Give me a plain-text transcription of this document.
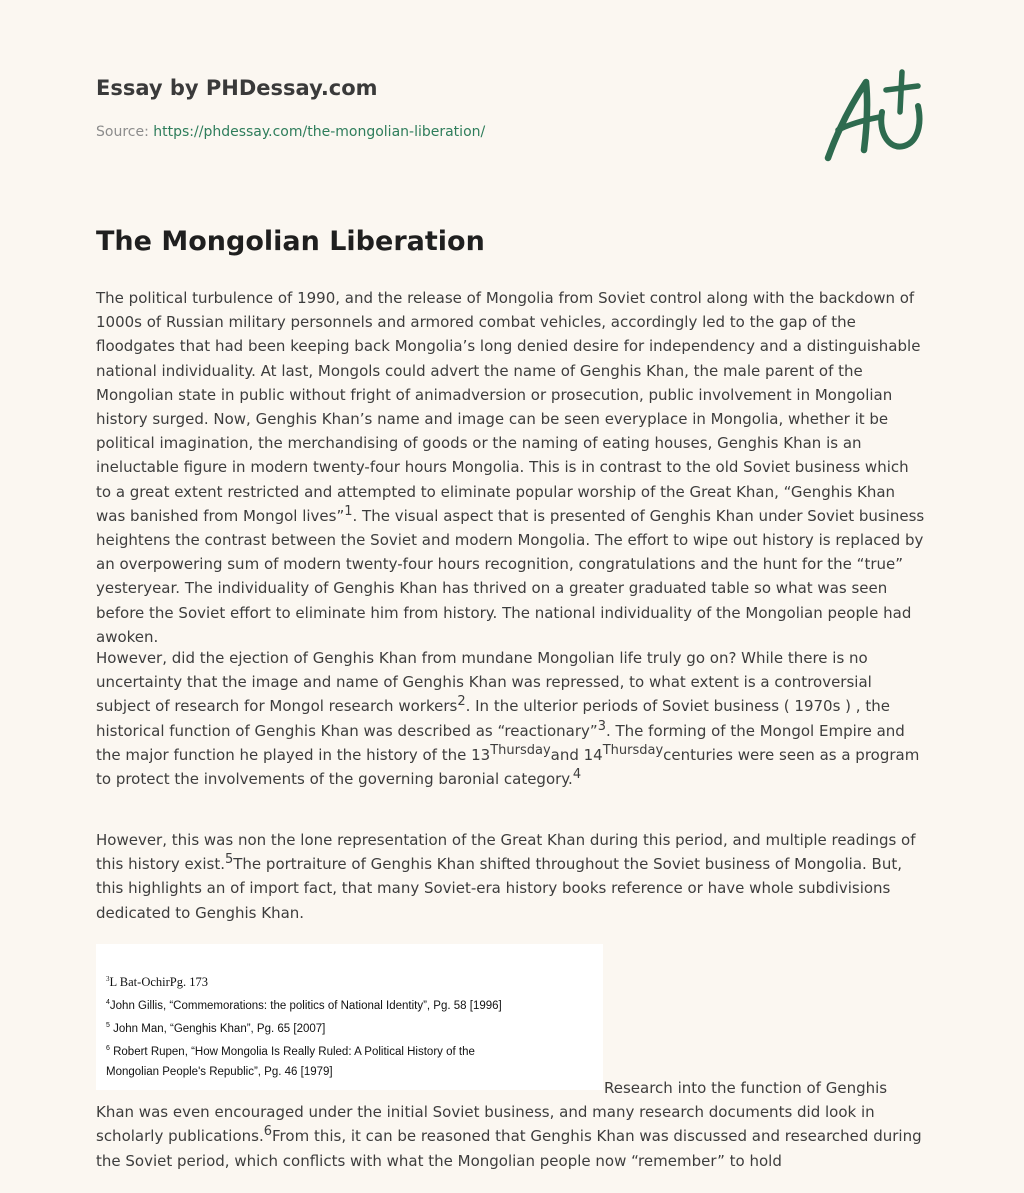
Essay by PHDessay.com
Source: https://phdessay.com/the-mongolian-liberation/
The Mongolian Liberation

The political turbulence of 1990, and the release of Mongolia from Soviet control along with the backdown of 1000s of Russian military personnels and armored combat vehicles, accordingly led to the gap of the floodgates that had been keeping back Mongolia’s long denied desire for independency and a distinguishable national individuality. At last, Mongols could advert the name of Genghis Khan, the male parent of the Mongolian state in public without fright of animadversion or prosecution, public involvement in Mongolian history surged. Now, Genghis Khan’s name and image can be seen everyplace in Mongolia, whether it be political imagination, the merchandising of goods or the naming of eating houses, Genghis Khan is an ineluctable figure in modern twenty-four hours Mongolia. This is in contrast to the old Soviet business which to a great extent restricted and attempted to eliminate popular worship of the Great Khan, “Genghis Khan was banished from Mongol lives”$^1$. The visual aspect that is presented of Genghis Khan under Soviet business heightens the contrast between the Soviet and modern Mongolia. The effort to wipe out history is replaced by an overpowering sum of modern twenty-four hours recognition, congratulations and the hunt for the “true” yesteryear. The individuality of Genghis Khan has thrived on a greater graduated table so what was seen before the Soviet effort to eliminate him from history. The national individuality of the Mongolian people had awoken.

However, did the ejection of Genghis Khan from mundane Mongolian life truly go on? While there is no uncertainty that the image and name of Genghis Khan was repressed, to what extent is a controversial subject of research for Mongol research workers$^2$. In the ulterior periods of Soviet business ( 1970s ) , the historical function of Genghis Khan was described as “reactionary”$^3$. The forming of the Mongol Empire and the major function he played in the history of the $13^{Thursday}and$ $14^{Thursday}centuries$ were seen as a program to protect the involvements of the governing baronial category.$^4$

However, this was non the lone representation of the Great Khan during this period, and multiple readings of this history exist.$^5$The portraiture of Genghis Khan shifted throughout the Soviet business of Mongolia. But, this highlights an of import fact, that many Soviet-era history books reference or have whole subdivisions dedicated to Genghis Khan.

$^3$L Bat-OchirPg. 173
$^4$John Gillis, “Commemorations: the politics of National Identity”, Pg. 58 [1996]
$^5$ John Man, “Genghis Khan”, Pg. 65 [2007]
$^6$ Robert Rupen, “How Mongolia Is Really Ruled: A Political History of the
Mongolian People's Republic”, Pg. 46 [1979]

Research into the function of Genghis Khan was even encouraged under the initial Soviet business, and many research documents did look in scholarly publications.$^6$From this, it can be reasoned that Genghis Khan was discussed and researched during the Soviet period, which conflicts with what the Mongolian people now “remember” to hold
